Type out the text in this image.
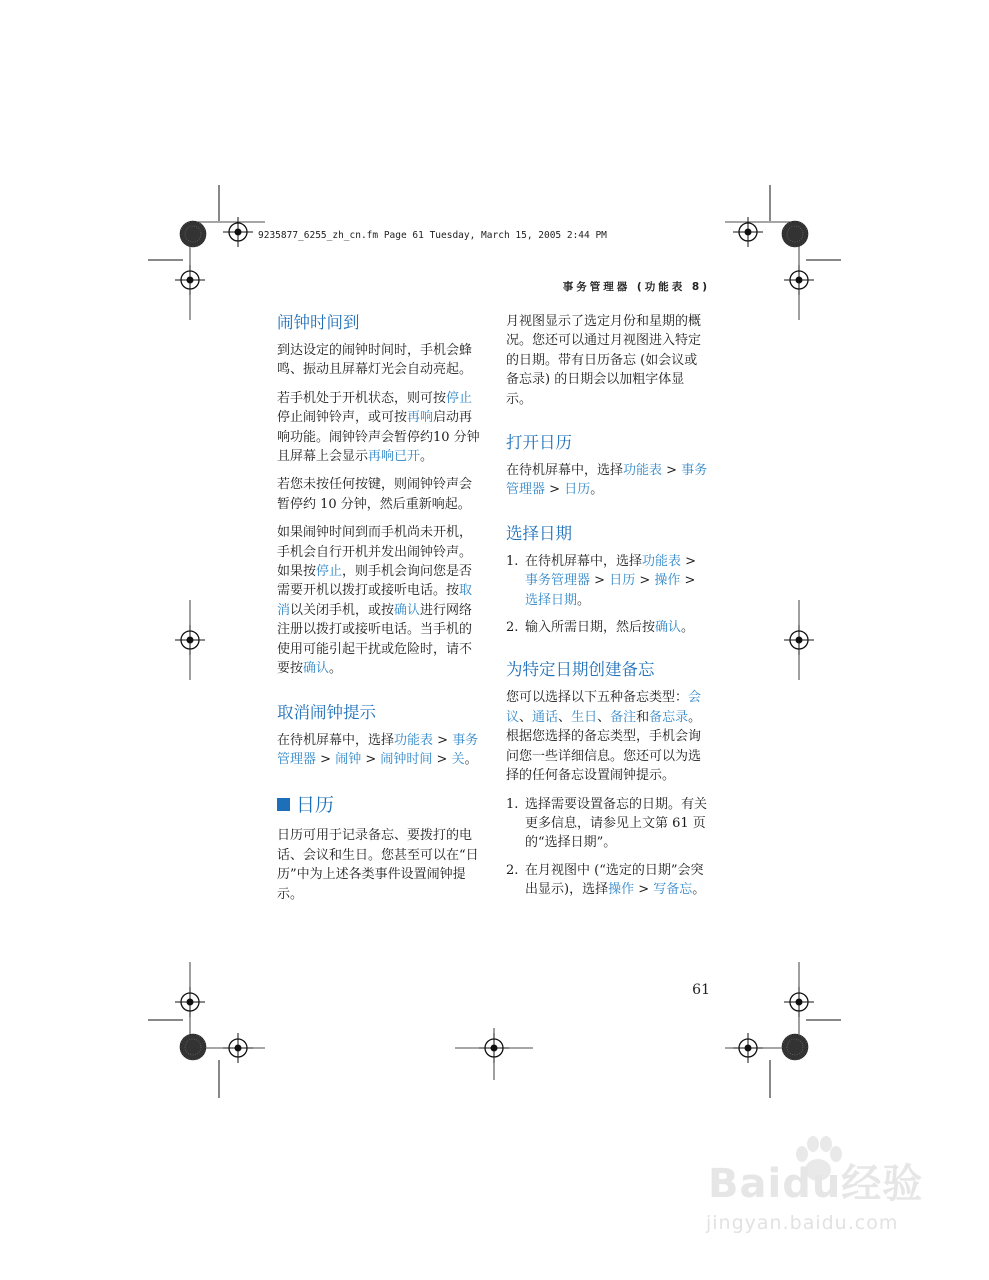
9235877_6255_zh_cn.fm Page 61 Tuesday, March 15, 2005 2:44 PM
事务管理器 (功能表 8)
闹钟时间到

到达设定的闹钟时间时，手机会蜂鸣、振动且屏幕灯光会自动亮起。

若手机处于开机状态，则可按停止停止闹钟铃声，或可按再响启动再响功能。闹钟铃声会暂停约10 分钟且屏幕上会显示再响已开。

若您未按任何按键，则闹钟铃声会暂停约 10 分钟，然后重新响起。

如果闹钟时间到而手机尚未开机，手机会自行开机并发出闹钟铃声。如果按停止，则手机会询问您是否需要开机以拨打或接听电话。按取消以关闭手机，或按确认进行网络注册以拨打或接听电话。当手机的使用可能引起干扰或危险时，请不要按确认。

取消闹钟提示

在待机屏幕中，选择功能表 > 事务管理器 > 闹钟 > 闹钟时间 > 关。

日历

日历可用于记录备忘、要拨打的电话、会议和生日。您甚至可以在“日历”中为上述各类事件设置闹钟提示。

月视图显示了选定月份和星期的概况。您还可以通过月视图进入特定的日期。带有日历备忘 (如会议或备忘录) 的日期会以加粗字体显示。

打开日历

在待机屏幕中，选择功能表 > 事务管理器 > 日历。

选择日期
1. 在待机屏幕中，选择功能表 > 事务管理器 > 日历 > 操作 > 选择日期。
2. 输入所需日期，然后按确认。
为特定日期创建备忘

您可以选择以下五种备忘类型：会议、通话、生日、备注和备忘录。根据您选择的备忘类型，手机会询问您一些详细信息。您还可以为选择的任何备忘设置闹钟提示。

1. 选择需要设置备忘的日期。有关更多信息，请参见上文第 61 页的“选择日期”。
2. 在月视图中 (“选定的日期”会突出显示)，选择操作 > 写备忘。
61
Baidu经验
jingyan.baidu.com
